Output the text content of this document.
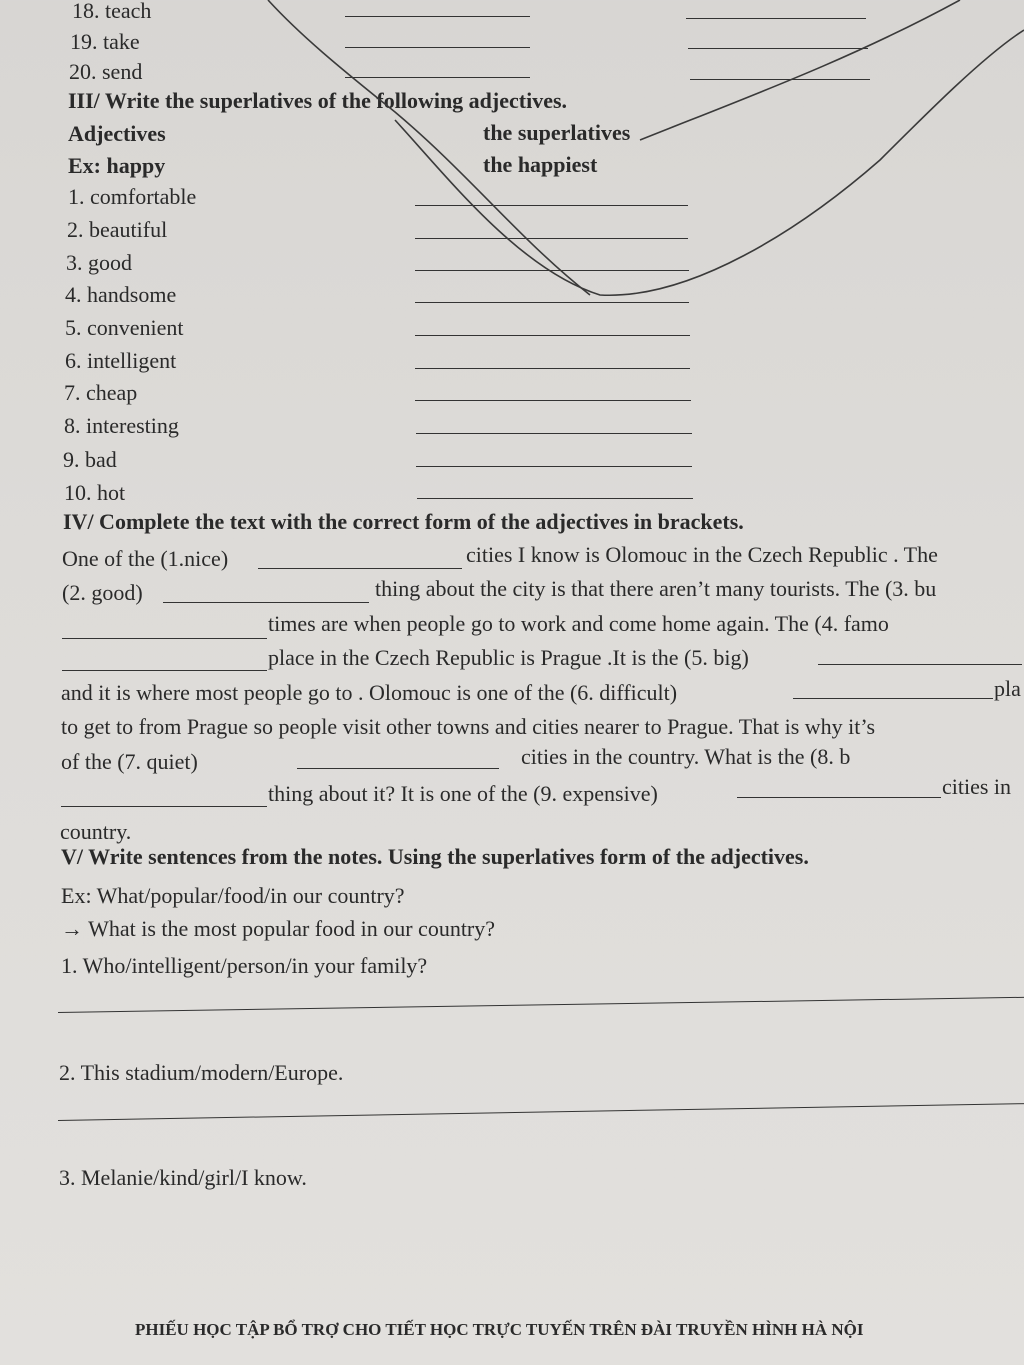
18. teach
19. take
20. send
III/ Write the superlatives of the following adjectives.
Adjectives	the superlatives
Ex: happy	the happiest
1. comfortable
2. beautiful
3. good
4. handsome
5. convenient
6. intelligent
7. cheap
8. interesting
9. bad
10. hot
IV/ Complete the text with the correct form of the adjectives in brackets.
One of the (1.nice)	cities I know is Olomouc in the Czech Republic . The
(2. good)	thing about the city is that there aren’t many tourists. The (3. bu
times are when people go to work and come home again. The (4. famo
place in the Czech Republic is Prague .It is the (5. big)
and it is where most people go to . Olomouc is one of the (6. difficult)	pla
to get to from Prague so people visit other towns and cities nearer to Prague. That is why it’s
of the (7. quiet)	cities in the country. What is the (8. b
thing about it? It is one of the (9. expensive)	cities in
country.
V/ Write sentences from the notes. Using the superlatives form of the adjectives.
Ex: What/popular/food/in our country?
→ What is the most popular food in our country?
1. Who/intelligent/person/in your family?
2. This stadium/modern/Europe.
3. Melanie/kind/girl/I know.
PHIẾU HỌC TẬP BỔ TRỢ CHO TIẾT HỌC TRỰC TUYẾN TRÊN ĐÀI TRUYỀN HÌNH HÀ NỘI
